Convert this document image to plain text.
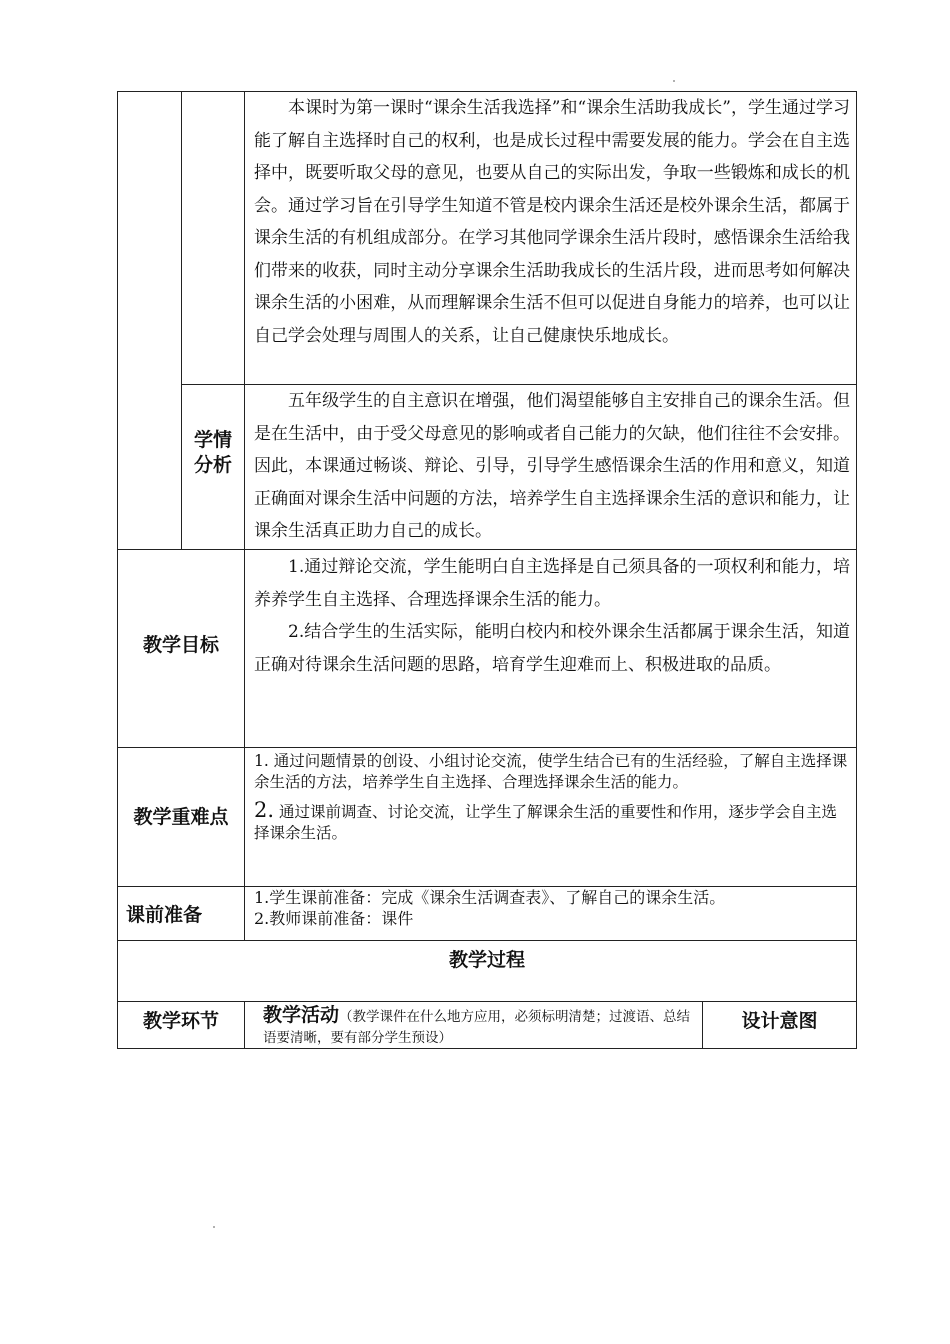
		本课时为第一课时“课余生活我选择”和“课余生活助我成长”，学生通过学习能了解自主选择时自己的权利，也是成长过程中需要发展的能力。学会在自主选择中，既要听取父母的意见，也要从自己的实际出发，争取一些锻炼和成长的机会。通过学习旨在引导学生知道不管是校内课余生活还是校外课余生活，都属于课余生活的有机组成部分。在学习其他同学课余生活片段时，感悟课余生活给我们带来的收获，同时主动分享课余生活助我成长的生活片段，进而思考如何解决课余生活的小困难，从而理解课余生活不但可以促进自身能力的培养，也可以让自己学会处理与周围人的关系，让自己健康快乐地成长。	

	学情分析	五年级学生的自主意识在增强，他们渴望能够自主安排自己的课余生活。但是在生活中，由于受父母意见的影响或者自己能力的欠缺，他们往往不会安排。因此，本课通过畅谈、辩论、引导，引导学生感悟课余生活的作用和意义，知道正确面对课余生活中问题的方法，培养学生自主选择课余生活的意识和能力，让课余生活真正助力自己的成长。	

教学目标		1.通过辩论交流，学生能明白自主选择是自己须具备的一项权利和能力，培养养学生自主选择、合理选择课余生活的能力。

2.结合学生的生活实际，能明白校内和校外课余生活都属于课余生活，知道正确对待课余生活问题的思路，培育学生迎难而上、积极进取的品质。	

教学重难点		1. 通过问题情景的创设、小组讨论交流，使学生结合已有的生活经验，了解自主选择课余生活的方法，培养学生自主选择、合理选择课余生活的能力。

2. 通过课前调查、讨论交流，让学生了解课余生活的重要性和作用，逐步学会自主选择课余生活。	

课前准备		1.学生课前准备：完成《课余生活调查表》、了解自己的课余生活。

2.教师课前准备：课件	

教学过程			
教学环节		教学活动（教学课件在什么地方应用，必须标明清楚；过渡语、总结语要清晰，要有部分学生预设）	设计意图
